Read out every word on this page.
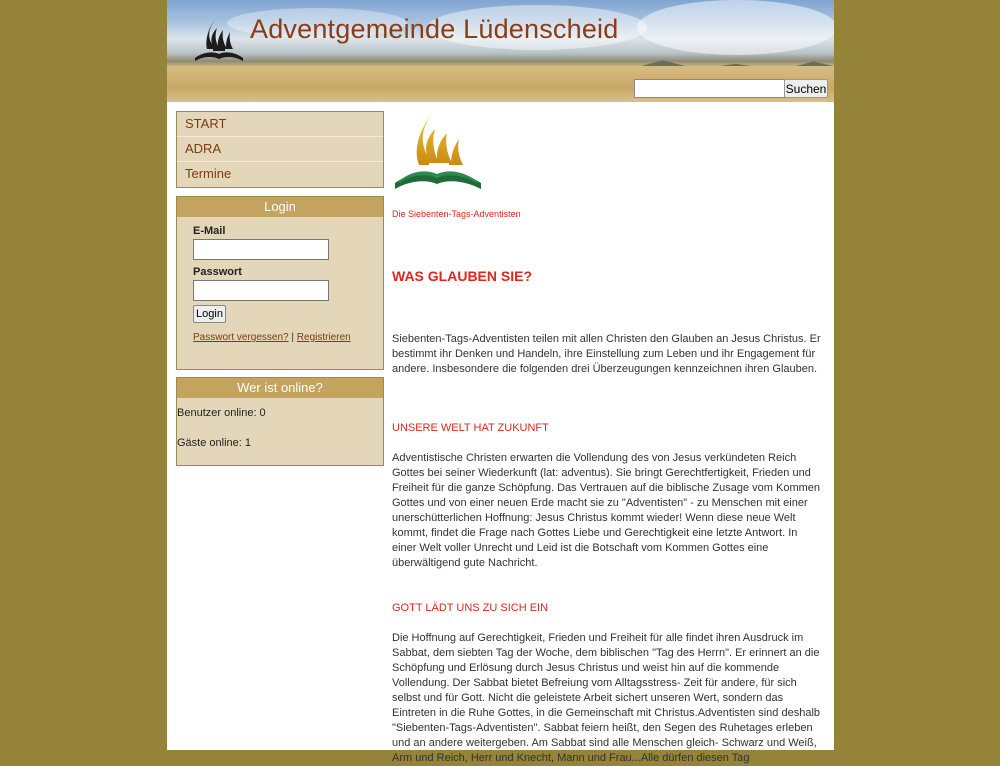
Adventgemeinde Lüdenscheid
Suchen
START
ADRA
Termine
Login
E-Mail
Passwort
Login
Passwort vergessen? | Registrieren
Wer ist online?
Benutzer online: 0
Gäste online: 1
Die Siebenten-Tags-Adventisten
WAS GLAUBEN SIE?
Siebenten-Tags-Adventisten teilen mit allen Christen den Glauben an Jesus Christus. Er bestimmt ihr Denken und Handeln, ihre Einstellung zum Leben und ihr Engagement für andere. Insbesondere die folgenden drei Überzeugungen kennzeichnen ihren Glauben.
UNSERE WELT HAT ZUKUNFT
Adventistische Christen erwarten die Vollendung des von Jesus verkündeten Reich Gottes bei seiner Wiederkunft (lat: adventus). Sie bringt Gerechtfertigkeit, Frieden und Freiheit für die ganze Schöpfung. Das Vertrauen auf die biblische Zusage vom Kommen Gottes und von einer neuen Erde macht sie zu "Adventisten" - zu Menschen mit einer unerschütterlichen Hoffnung: Jesus Christus kommt wieder! Wenn diese neue Welt kommt, findet die Frage nach Gottes Liebe und Gerechtigkeit eine letzte Antwort. In einer Welt voller Unrecht und Leid ist die Botschaft vom Kommen Gottes eine überwältigend gute Nachricht.
GOTT LÄDT UNS ZU SICH EIN
Die Hoffnung auf Gerechtigkeit, Frieden und Freiheit für alle findet ihren Ausdruck im Sabbat, dem siebten Tag der Woche, dem biblischen "Tag des Herrn". Er erinnert an die Schöpfung und Erlösung durch Jesus Christus und weist hin auf die kommende Vollendung. Der Sabbat bietet Befreiung vom Alltagsstress- Zeit für andere, für sich selbst und für Gott. Nicht die geleistete Arbeit sichert unseren Wert, sondern das Eintreten in die Ruhe Gottes, in die Gemeinschaft mit Christus.Adventisten sind deshalb "Siebenten-Tags-Adventisten". Sabbat feiern heißt, den Segen des Ruhetages erleben und an andere weitergeben. Am Sabbat sind alle Menschen gleich- Schwarz und Weiß, Arm und Reich, Herr und Knecht, Mann und Frau...Alle dürfen diesen Tag
